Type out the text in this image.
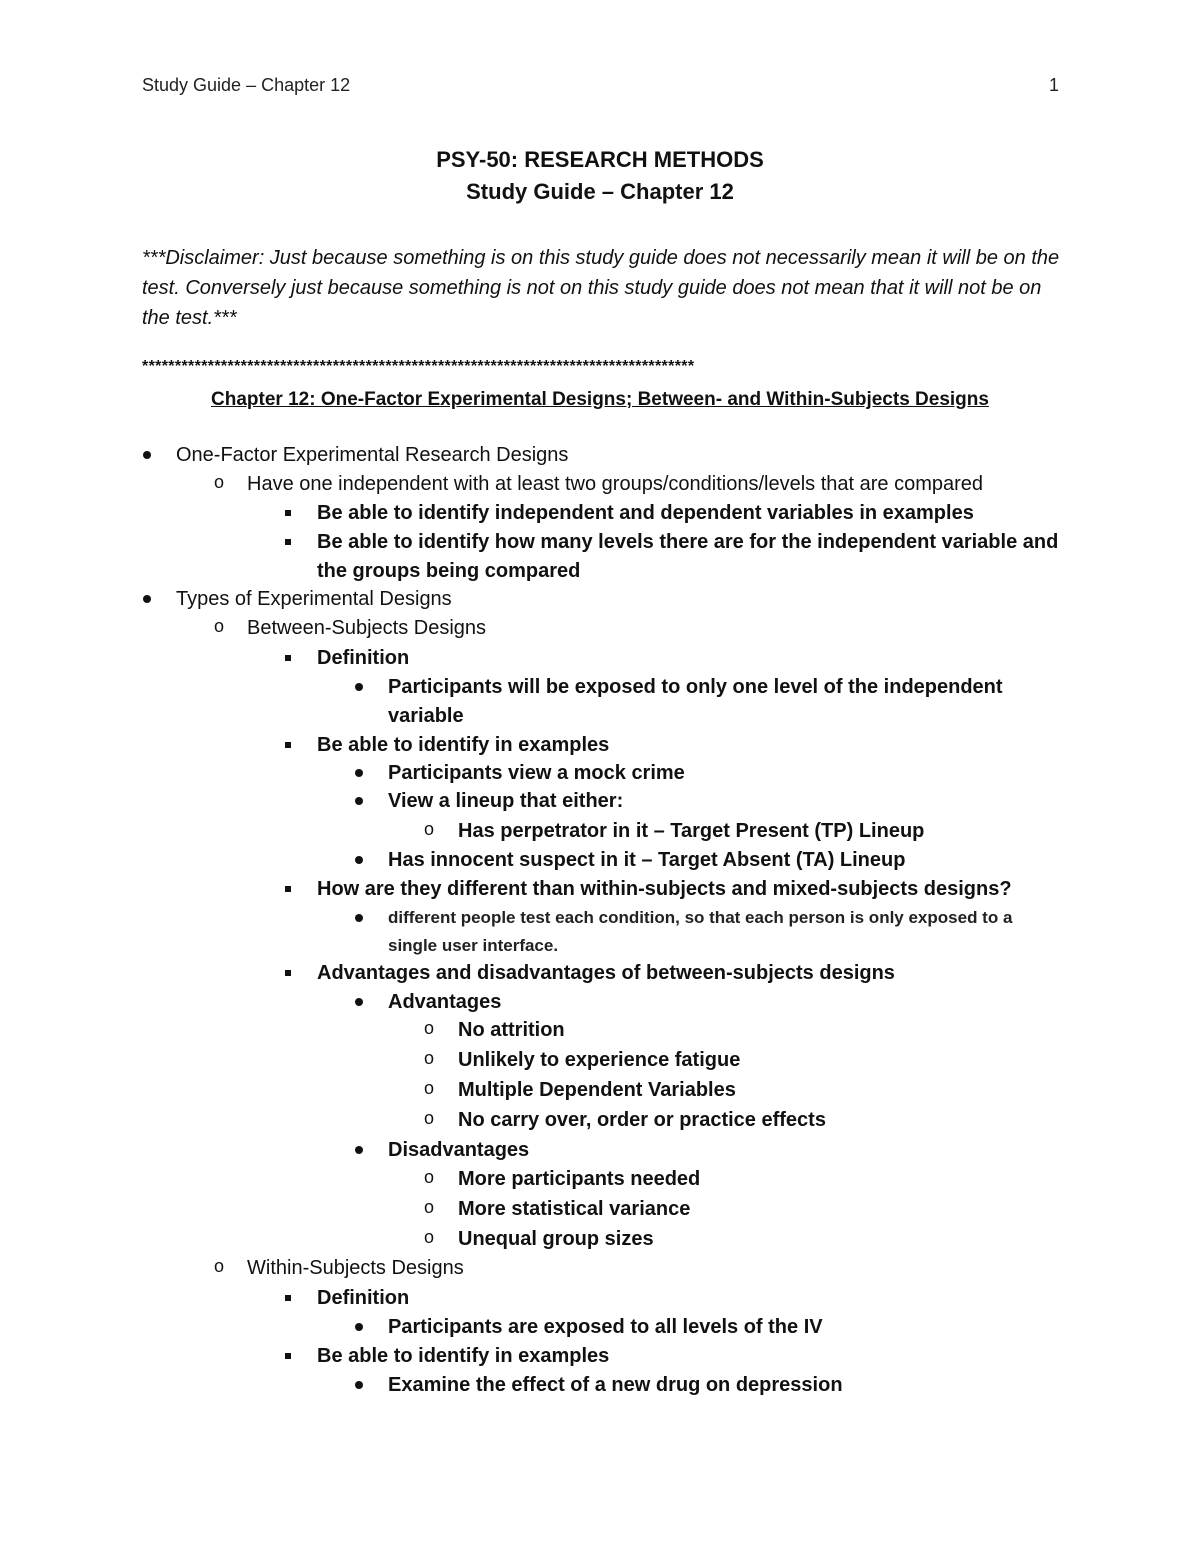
Study Guide – Chapter 12	1
PSY-50: RESEARCH METHODS
Study Guide – Chapter 12

***Disclaimer: Just because something is on this study guide does not necessarily mean it will be on the test. Conversely just because something is not on this study guide does not mean that it will not be on the test.***

************************************************************************************
Chapter 12: One-Factor Experimental Designs; Between- and Within-Subjects Designs
One-Factor Experimental Research Designs
o Have one independent with at least two groups/conditions/levels that are compared
Be able to identify independent and dependent variables in examples
Be able to identify how many levels there are for the independent variable and the groups being compared
Types of Experimental Designs
o Between-Subjects Designs
Definition
Participants will be exposed to only one level of the independent variable
Be able to identify in examples
Participants view a mock crime
View a lineup that either:
o Has perpetrator in it – Target Present (TP) Lineup
Has innocent suspect in it – Target Absent (TA) Lineup
How are they different than within-subjects and mixed-subjects designs?
different people test each condition, so that each person is only exposed to a single user interface.
Advantages and disadvantages of between-subjects designs
Advantages
o No attrition
o Unlikely to experience fatigue
o Multiple Dependent Variables
o No carry over, order or practice effects
Disadvantages
o More participants needed
o More statistical variance
o Unequal group sizes
o Within-Subjects Designs
Definition
Participants are exposed to all levels of the IV
Be able to identify in examples
Examine the effect of a new drug on depression
